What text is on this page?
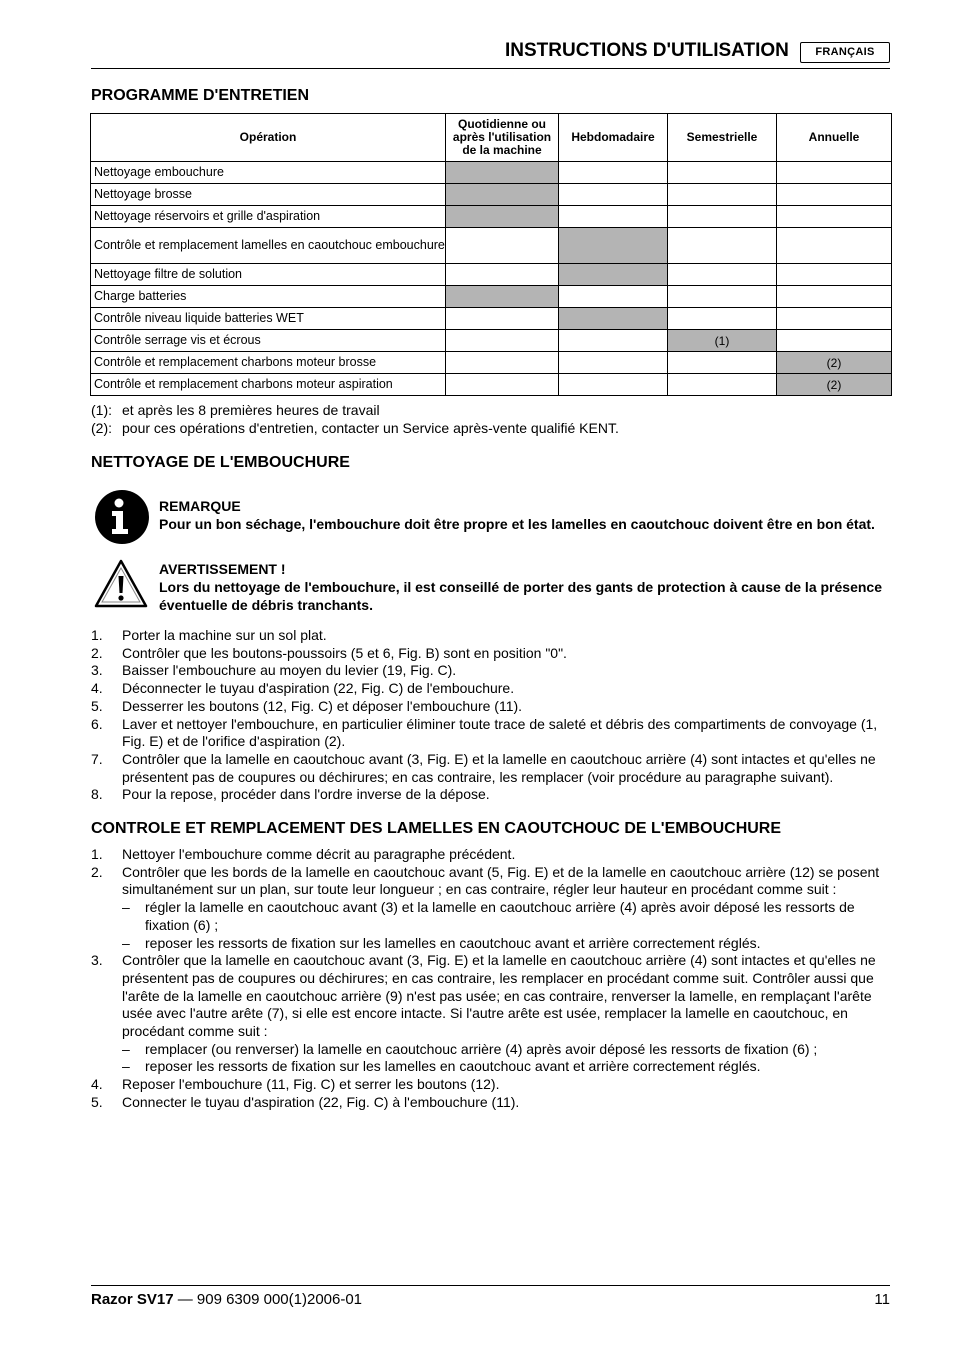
INSTRUCTIONS D'UTILISATION	FRANÇAIS
PROGRAMME D'ENTRETIEN
Opération	Quotidienne ou après l'utilisation de la machine	Hebdomadaire	Semestrielle	Annuelle
Nettoyage embouchure				
Nettoyage brosse				
Nettoyage réservoirs et grille d'aspiration				
Contrôle et remplacement lamelles en caoutchouc embouchure				
Nettoyage filtre de solution				
Charge batteries				
Contrôle niveau liquide batteries WET				
Contrôle serrage vis et écrous			(1)	
Contrôle et remplacement charbons moteur brosse				(2)
Contrôle et remplacement charbons moteur aspiration				(2)
(1): et après les 8 premières heures de travail
(2): pour ces opérations d'entretien, contacter un Service après-vente qualifié KENT.
NETTOYAGE DE L'EMBOUCHURE
REMARQUE
Pour un bon séchage, l'embouchure doit être propre et les lamelles en caoutchouc doivent être en bon état.
AVERTISSEMENT !
Lors du nettoyage de l'embouchure, il est conseillé de porter des gants de protection à cause de la présence éventuelle de débris tranchants.
1.	Porter la machine sur un sol plat.
2.	Contrôler que les boutons-poussoirs (5 et 6, Fig. B) sont en position "0".
3.	Baisser l'embouchure au moyen du levier (19, Fig. C).
4.	Déconnecter le tuyau d'aspiration (22, Fig. C) de l'embouchure.
5.	Desserrer les boutons (12, Fig. C) et déposer l'embouchure (11).
6.	Laver et nettoyer l'embouchure, en particulier éliminer toute trace de saleté et débris des compartiments de convoyage (1, Fig. E) et de l'orifice d'aspiration (2).
7.	Contrôler que la lamelle en caoutchouc avant (3, Fig. E) et la lamelle en caoutchouc arrière (4) sont intactes et qu'elles ne présentent pas de coupures ou déchirures; en cas contraire, les remplacer (voir procédure au paragraphe suivant).
8.	Pour la repose, procéder dans l'ordre inverse de la dépose.
CONTROLE ET REMPLACEMENT DES LAMELLES EN CAOUTCHOUC DE L'EMBOUCHURE
1.	Nettoyer l'embouchure comme décrit au paragraphe précédent.
2.	Contrôler que les bords de la lamelle en caoutchouc avant (5, Fig. E) et de la lamelle en caoutchouc arrière (12) se posent simultanément sur un plan, sur toute leur longueur ; en cas contraire, régler leur hauteur en procédant comme suit :
–	régler la lamelle en caoutchouc avant (3) et la lamelle en caoutchouc arrière (4) après avoir déposé les ressorts de fixation (6) ;
–	reposer les ressorts de fixation sur les lamelles en caoutchouc avant et arrière correctement réglés.
3.	Contrôler que la lamelle en caoutchouc avant (3, Fig. E) et la lamelle en caoutchouc arrière (4) sont intactes et qu'elles ne présentent pas de coupures ou déchirures; en cas contraire, les remplacer en procédant comme suit. Contrôler aussi que l'arête de la lamelle en caoutchouc arrière (9) n'est pas usée; en cas contraire, renverser la lamelle, en remplaçant l'arête usée avec l'autre arête (7), si elle est encore intacte. Si l'autre arête est usée, remplacer la lamelle en caoutchouc, en procédant comme suit :
–	remplacer (ou renverser) la lamelle en caoutchouc arrière (4) après avoir déposé les ressorts de fixation (6) ;
–	reposer les ressorts de fixation sur les lamelles en caoutchouc avant et arrière correctement réglés.
4.	Reposer l'embouchure (11, Fig. C) et serrer les boutons (12).
5.	Connecter le tuyau d'aspiration (22, Fig. C) à l'embouchure (11).
Razor SV17 — 909 6309 000(1)2006-01	11
